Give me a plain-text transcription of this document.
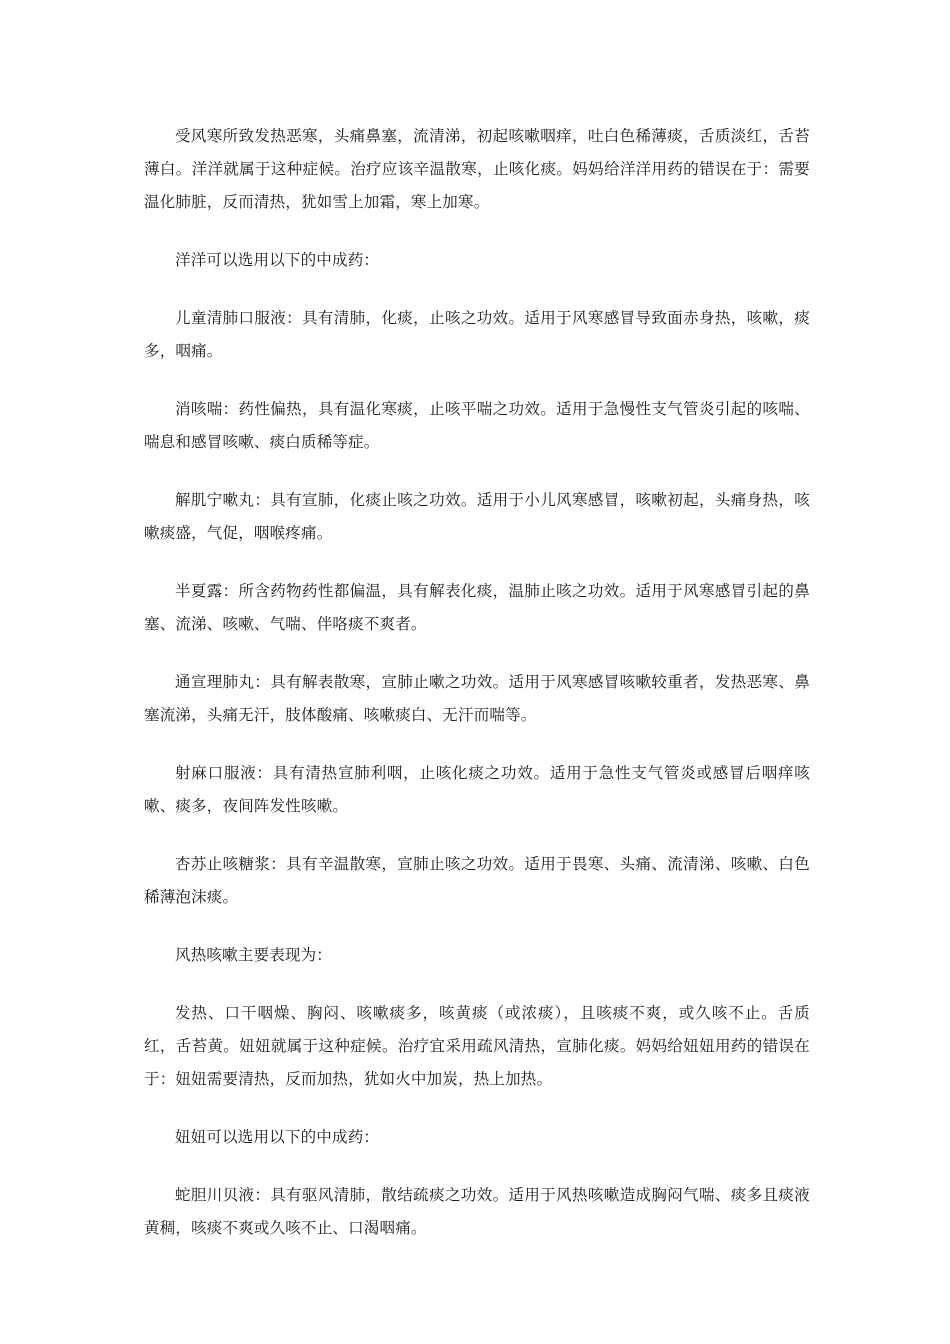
受风寒所致发热恶寒，头痛鼻塞，流清涕，初起咳嗽咽痒，吐白色稀薄痰，舌质淡红，舌苔薄白。洋洋就属于这种症候。治疗应该辛温散寒，止咳化痰。妈妈给洋洋用药的错误在于：需要温化肺脏，反而清热，犹如雪上加霜，寒上加寒。

洋洋可以选用以下的中成药：

儿童清肺口服液：具有清肺，化痰，止咳之功效。适用于风寒感冒导致面赤身热，咳嗽，痰多，咽痛。

消咳喘：药性偏热，具有温化寒痰，止咳平喘之功效。适用于急慢性支气管炎引起的咳喘、喘息和感冒咳嗽、痰白质稀等症。

解肌宁嗽丸：具有宣肺，化痰止咳之功效。适用于小儿风寒感冒，咳嗽初起，头痛身热，咳嗽痰盛，气促，咽喉疼痛。

半夏露：所含药物药性都偏温，具有解表化痰，温肺止咳之功效。适用于风寒感冒引起的鼻塞、流涕、咳嗽、气喘、伴咯痰不爽者。

通宣理肺丸：具有解表散寒，宣肺止嗽之功效。适用于风寒感冒咳嗽较重者，发热恶寒、鼻塞流涕，头痛无汗，肢体酸痛、咳嗽痰白、无汗而喘等。

射麻口服液：具有清热宣肺利咽，止咳化痰之功效。适用于急性支气管炎或感冒后咽痒咳嗽、痰多，夜间阵发性咳嗽。

杏苏止咳糖浆：具有辛温散寒，宣肺止咳之功效。适用于畏寒、头痛、流清涕、咳嗽、白色稀薄泡沫痰。

风热咳嗽主要表现为：

发热、口干咽燥、胸闷、咳嗽痰多，咳黄痰（或浓痰），且咳痰不爽，或久咳不止。舌质红，舌苔黄。妞妞就属于这种症候。治疗宜采用疏风清热，宣肺化痰。妈妈给妞妞用药的错误在于：妞妞需要清热，反而加热，犹如火中加炭，热上加热。

妞妞可以选用以下的中成药：

蛇胆川贝液：具有驱风清肺，散结疏痰之功效。适用于风热咳嗽造成胸闷气喘、痰多且痰液黄稠，咳痰不爽或久咳不止、口渴咽痛。
